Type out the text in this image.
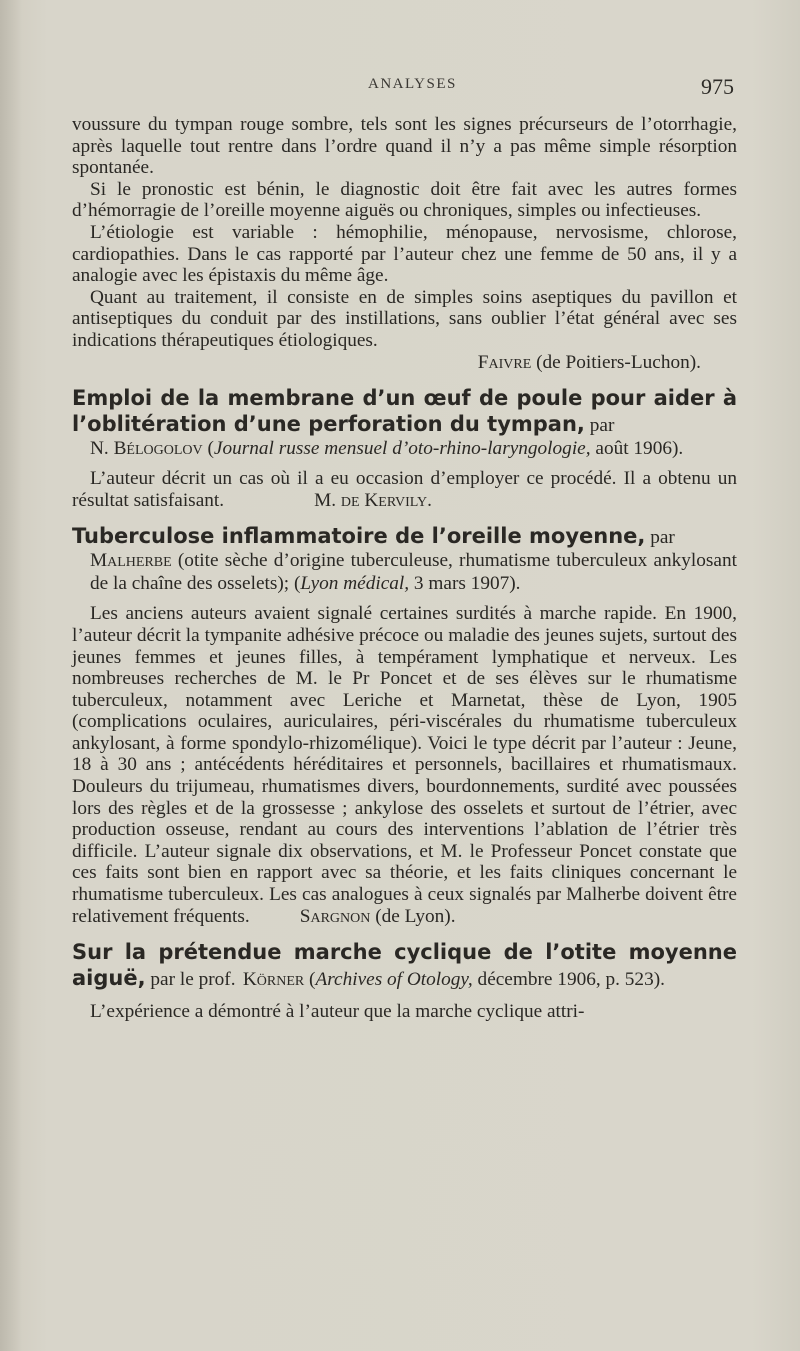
ANALYSES	975

voussure du tympan rouge sombre, tels sont les signes précurseurs de l’otorrhagie, après laquelle tout rentre dans l’ordre quand il n’y a pas même simple résorption spontanée.

Si le pronostic est bénin, le diagnostic doit être fait avec les autres formes d’hémorragie de l’oreille moyenne aiguës ou chroniques, simples ou infectieuses.

L’étiologie est variable : hémophilie, ménopause, nervosisme, chlorose, cardiopathies. Dans le cas rapporté par l’auteur chez une femme de 50 ans, il y a analogie avec les épistaxis du même âge.

Quant au traitement, il consiste en de simples soins aseptiques du pavillon et antiseptiques du conduit par des instillations, sans oublier l’état général avec ses indications thérapeutiques étiologiques.

Faivre (de Poitiers-Luchon).

Emploi de la membrane d’un œuf de poule pour aider à l’oblitération d’une perforation du tympan, par

N. Bélogolov (Journal russe mensuel d’oto-rhino-laryngologie, août 1906).

L’auteur décrit un cas où il a eu occasion d’employer ce procédé. Il a obtenu un résultat satisfaisant.	M. de Kervily.

Tuberculose inflammatoire de l’oreille moyenne, par

Malherbe (otite sèche d’origine tuberculeuse, rhumatisme tuberculeux ankylosant de la chaîne des osselets); (Lyon médical, 3 mars 1907).

Les anciens auteurs avaient signalé certaines surdités à marche rapide. En 1900, l’auteur décrit la tympanite adhésive précoce ou maladie des jeunes sujets, surtout des jeunes femmes et jeunes filles, à tempérament lymphatique et nerveux. Les nombreuses recherches de M. le Pr Poncet et de ses élèves sur le rhumatisme tuberculeux, notamment avec Leriche et Marnetat, thèse de Lyon, 1905 (complications oculaires, auriculaires, péri-viscérales du rhumatisme tuberculeux ankylosant, à forme spondylo-rhizomélique). Voici le type décrit par l’auteur : Jeune, 18 à 30 ans ; antécédents héréditaires et personnels, bacillaires et rhumatismaux. Douleurs du trijumeau, rhumatismes divers, bourdonnements, surdité avec poussées lors des règles et de la grossesse ; ankylose des osselets et surtout de l’étrier, avec production osseuse, rendant au cours des interventions l’ablation de l’étrier très difficile. L’auteur signale dix observations, et M. le Professeur Poncet constate que ces faits sont bien en rapport avec sa théorie, et les faits cliniques concernant le rhumatisme tuberculeux. Les cas analogues à ceux signalés par Malherbe doivent être relativement fréquents.	Sargnon (de Lyon).

Sur la prétendue marche cyclique de l’otite moyenne aiguë, par le prof. Körner (Archives of Otology, décembre 1906, p. 523).

L’expérience a démontré à l’auteur que la marche cyclique attri-
